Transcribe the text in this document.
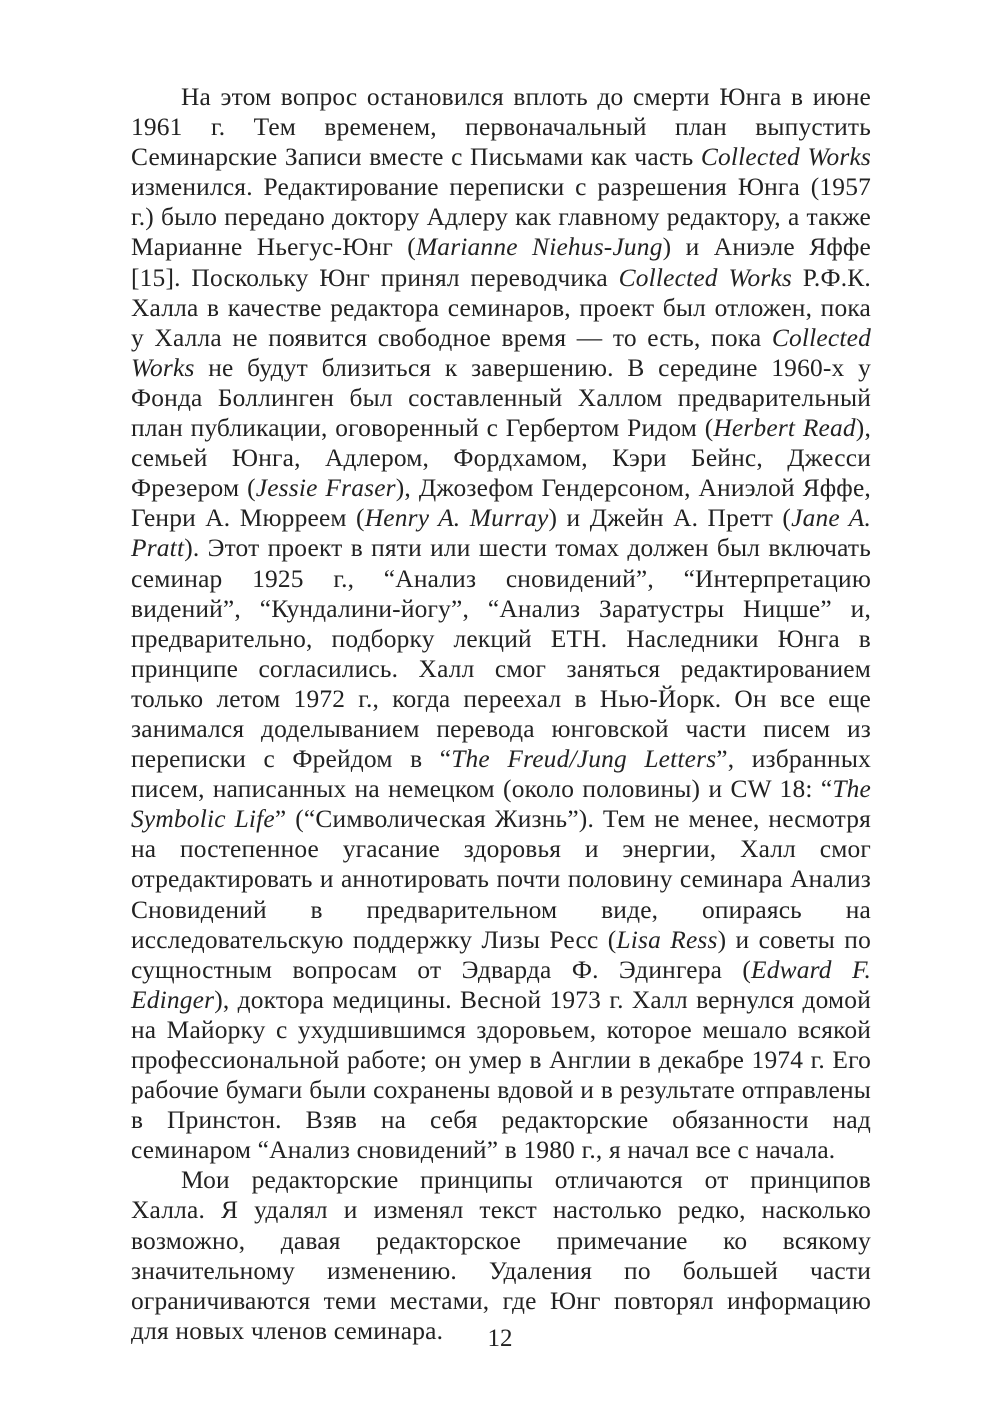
На этом вопрос остановился вплоть до смерти Юнга в июне 1961 г. Тем временем, первоначальный план выпустить Семинарские Записи вместе с Письмами как часть Collected Works изменился. Редактирование переписки с разрешения Юнга (1957 г.) было передано доктору Адлеру как главному редактору, а также Марианне Ньегус-Юнг (Marianne Niehus-Jung) и Аниэле Яффе [15]. Поскольку Юнг принял переводчика Collected Works Р.Ф.К. Халла в качестве редактора семинаров, проект был отложен, пока у Халла не появится свободное время — то есть, пока Collected Works не будут близиться к завершению. В середине 1960-х у Фонда Боллинген был составленный Халлом предварительный план публикации, оговоренный с Гербертом Ридом (Herbert Read), семьей Юнга, Адлером, Фордхамом, Кэри Бейнс, Джесси Фрезером (Jessie Fraser), Джозефом Гендерсоном, Аниэлой Яффе, Генри А. Мюрреем (Henry A. Murray) и Джейн А. Претт (Jane A. Pratt). Этот проект в пяти или шести томах должен был включать семинар 1925 г., “Анализ сновидений”, “Интерпретацию видений”, “Кундалини-йогу”, “Анализ Заратустры Ницше” и, предварительно, подборку лекций ETH. Наследники Юнга в принципе согласились. Халл смог заняться редактированием только летом 1972 г., когда переехал в Нью-Йорк. Он все еще занимался доделыванием перевода юнговской части писем из переписки с Фрейдом в “The Freud/Jung Letters”, избранных писем, написанных на немецком (около половины) и CW 18: “The Symbolic Life” (“Символическая Жизнь”). Тем не менее, несмотря на постепенное угасание здоровья и энергии, Халл смог отредактировать и аннотировать почти половину семинара Анализ Сновидений в предварительном виде, опираясь на исследовательскую поддержку Лизы Ресс (Lisa Ress) и советы по сущностным вопросам от Эдварда Ф. Эдингера (Edward F. Edinger), доктора медицины. Весной 1973 г. Халл вернулся домой на Майорку с ухудшившимся здоровьем, которое мешало всякой профессиональной работе; он умер в Англии в декабре 1974 г. Его рабочие бумаги были сохранены вдовой и в результате отправлены в Принстон. Взяв на себя редакторские обязанности над семинаром “Анализ сновидений” в 1980 г., я начал все с начала.

Мои редакторские принципы отличаются от принципов Халла. Я удалял и изменял текст настолько редко, насколько возможно, давая редакторское примечание ко всякому значительному изменению. Удаления по большей части ограничиваются теми местами, где Юнг повторял информацию для новых членов семинара.	12
